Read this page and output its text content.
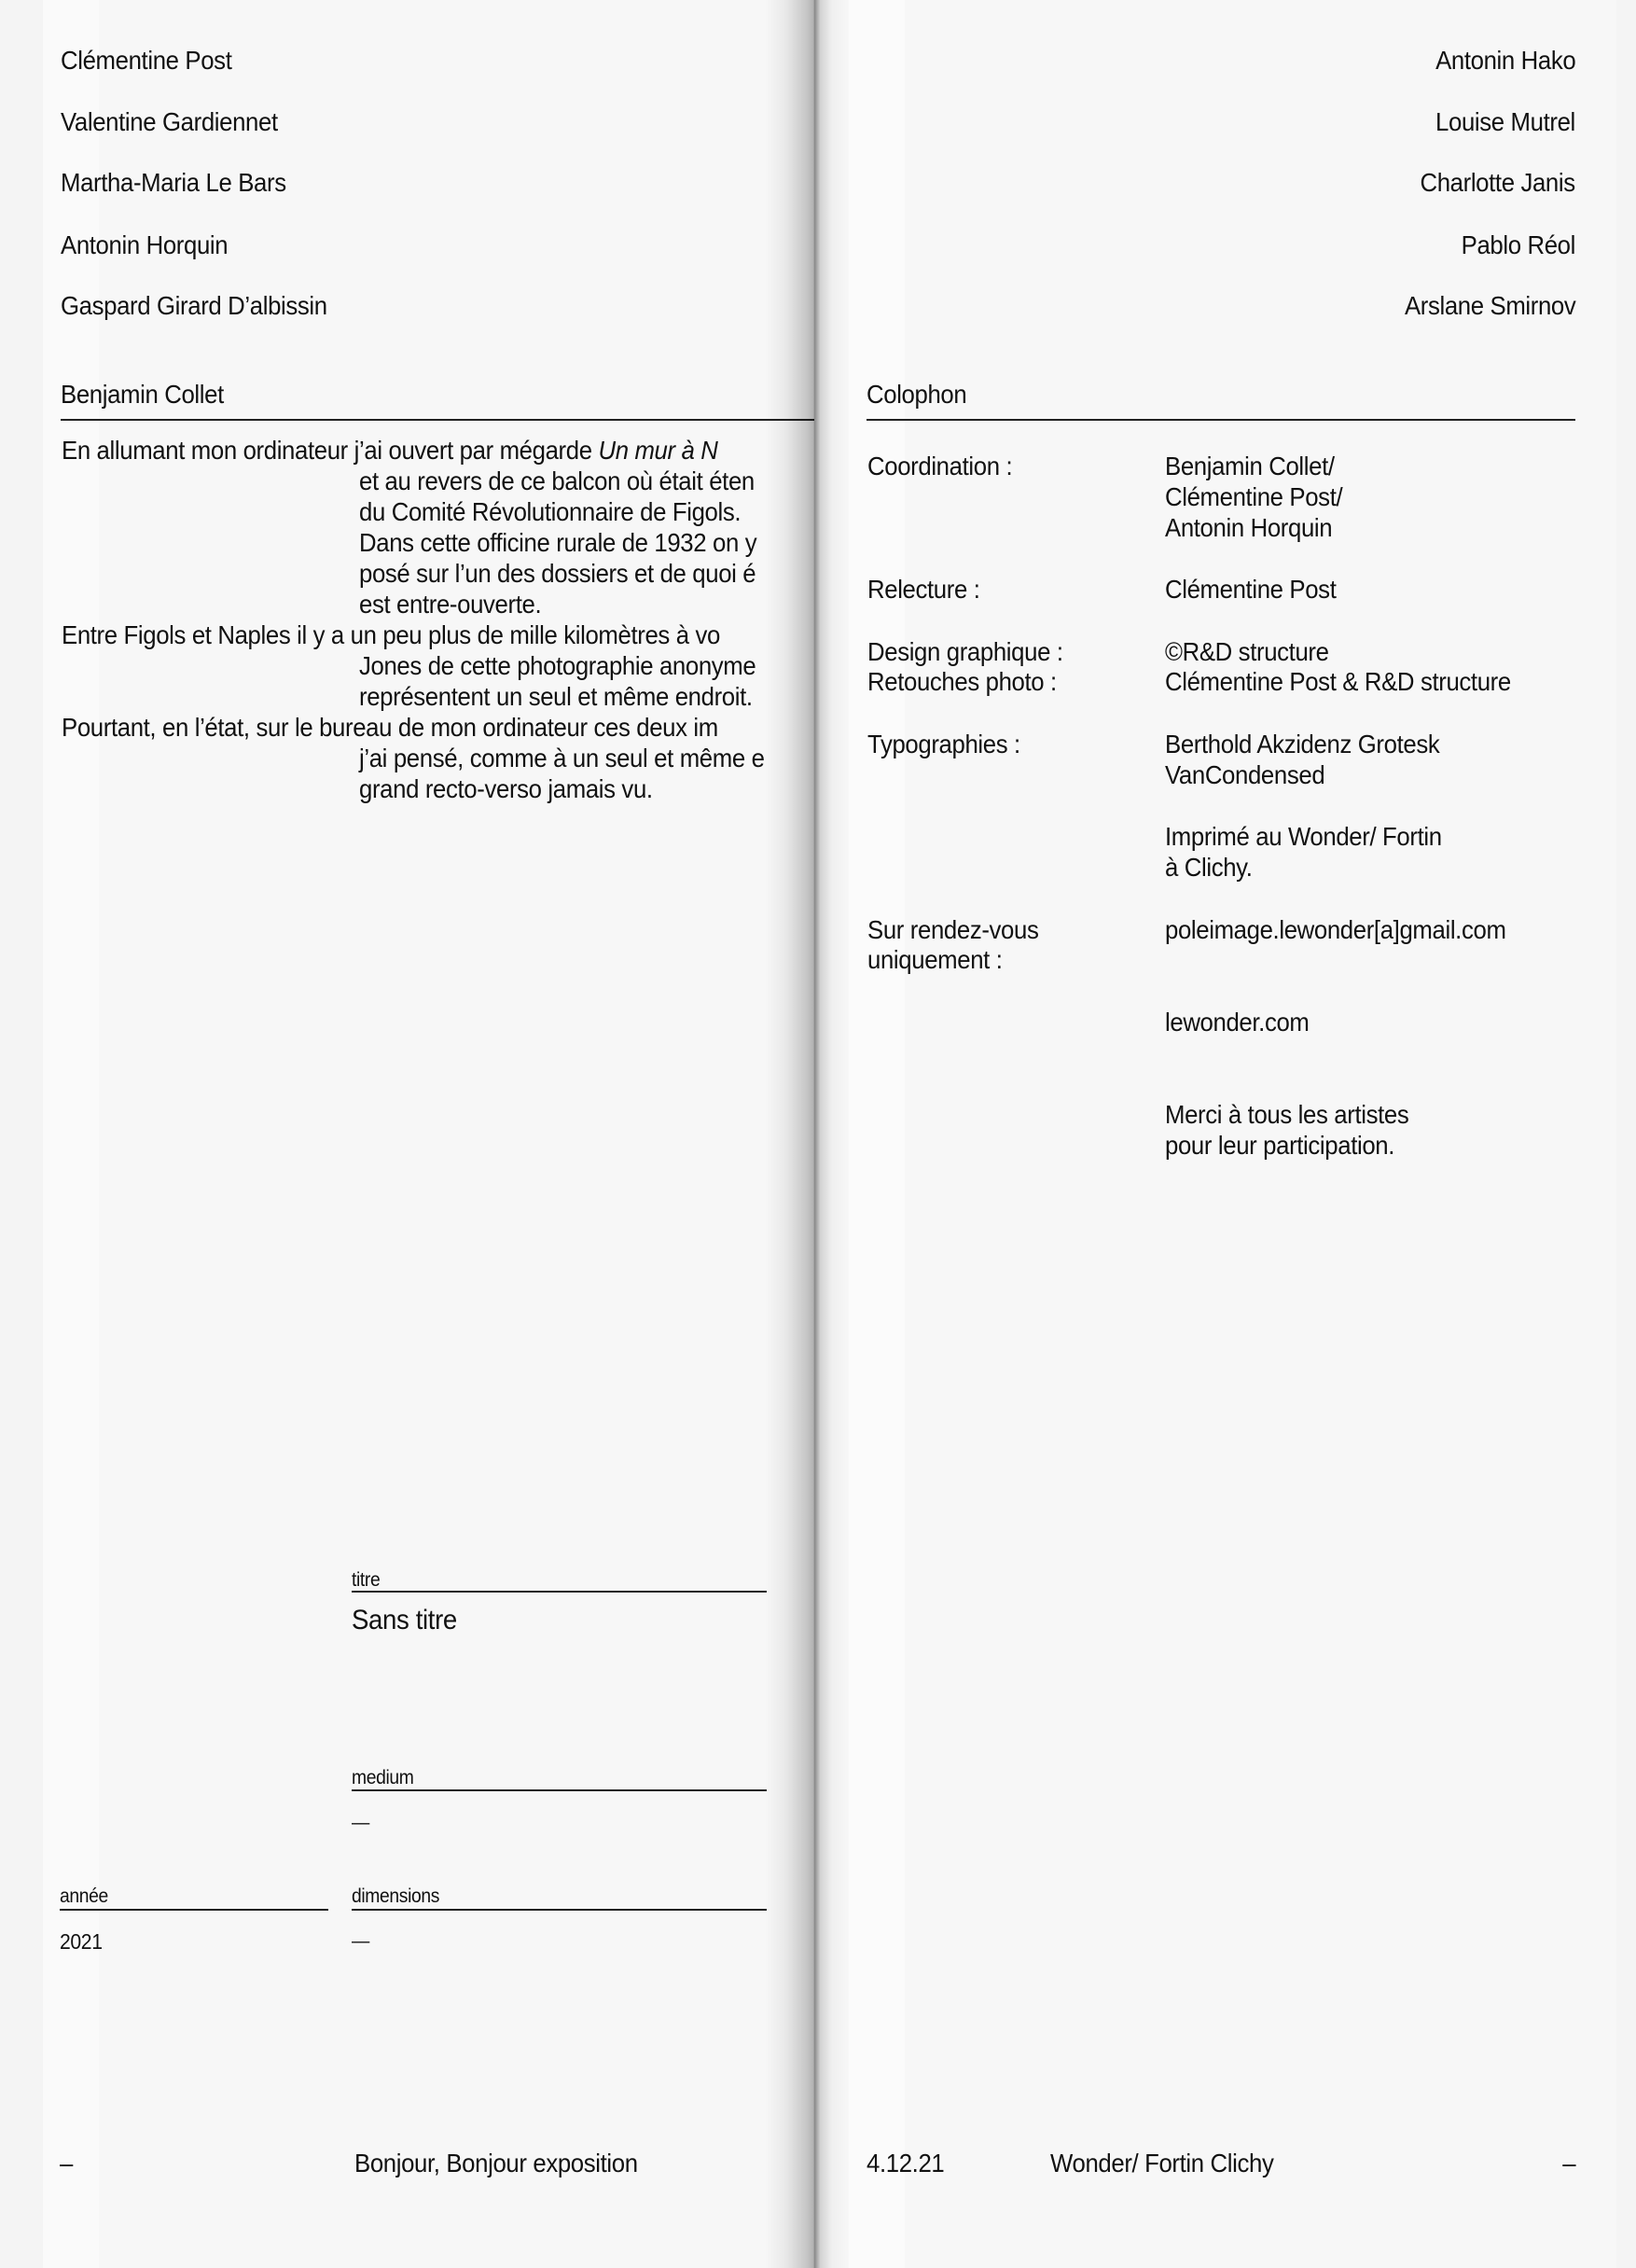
Clémentine Post
Valentine Gardiennet
Martha-Maria Le Bars
Antonin Horquin
Gaspard Girard D’albissin
Benjamin Collet
En allumant mon ordinateur j’ai ouvert par mégarde Un mur à N
et au revers de ce balcon où était éten
du Comité Révolutionnaire de Figols.
Dans cette officine rurale de 1932 on y
posé sur l’un des dossiers et de quoi é
est entre-ouverte.
Entre Figols et Naples il y a un peu plus de mille kilomètres à vo
Jones de cette photographie anonyme
représentent un seul et même endroit.
Pourtant, en l’état, sur le bureau de mon ordinateur ces deux im
j’ai pensé, comme à un seul et même e
grand recto-verso jamais vu.
titre
Sans titre
medium
—
année
2021
dimensions
—
–	Bonjour, Bonjour exposition
Antonin Hako
Louise Mutrel
Charlotte Janis
Pablo Réol
Arslane Smirnov
Colophon
Coordination :	Benjamin Collet/
Clémentine Post/
Antonin Horquin
Relecture :	Clémentine Post
Design graphique :	©R&D structure
Retouches photo :	Clémentine Post & R&D structure
Typographies :	Berthold Akzidenz Grotesk
VanCondensed
Imprimé au Wonder/ Fortin
à Clichy.
Sur rendez-vous
uniquement :
poleimage.lewonder[a]gmail.com
lewonder.com
Merci à tous les artistes
pour leur participation.
4.12.21	Wonder/ Fortin Clichy	–
